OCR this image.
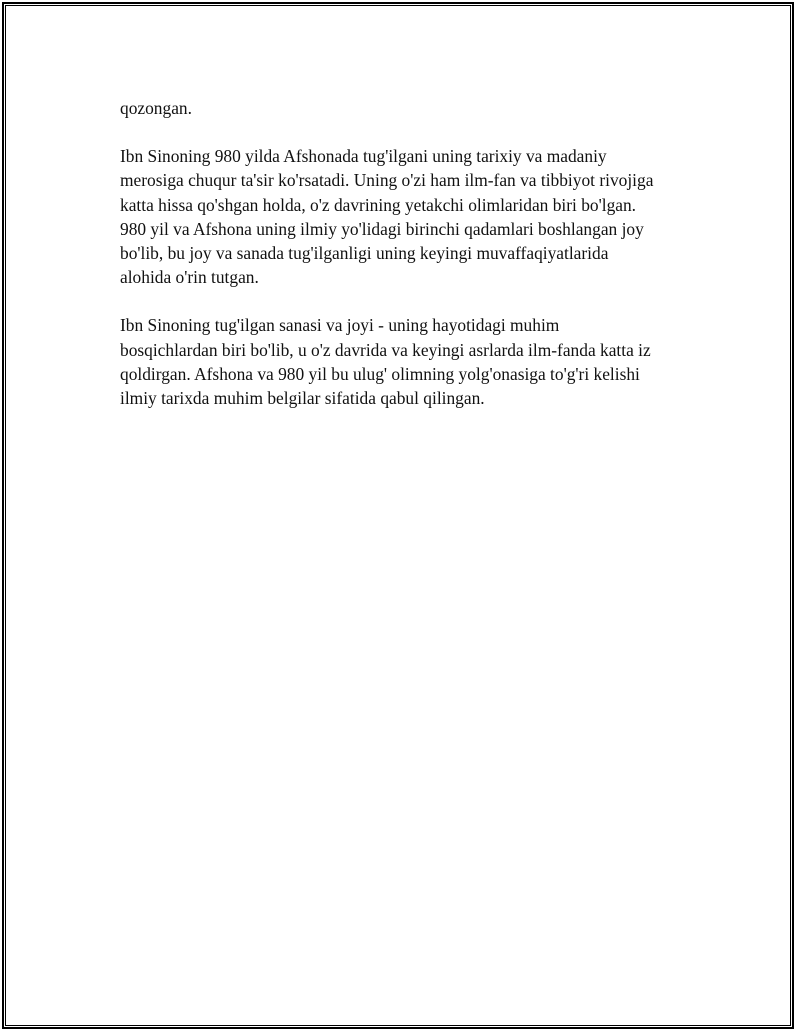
qozongan.

Ibn Sinoning 980 yilda Afshonada tug'ilgani uning tarixiy va madaniy
merosiga chuqur ta'sir ko'rsatadi. Uning o'zi ham ilm-fan va tibbiyot rivojiga
katta hissa qo'shgan holda, o'z davrining yetakchi olimlaridan biri bo'lgan.
980 yil va Afshona uning ilmiy yo'lidagi birinchi qadamlari boshlangan joy
bo'lib, bu joy va sanada tug'ilganligi uning keyingi muvaffaqiyatlarida
alohida o'rin tutgan.

Ibn Sinoning tug'ilgan sanasi va joyi - uning hayotidagi muhim
bosqichlardan biri bo'lib, u o'z davrida va keyingi asrlarda ilm-fanda katta iz
qoldirgan. Afshona va 980 yil bu ulug' olimning yolg'onasiga to'g'ri kelishi
ilmiy tarixda muhim belgilar sifatida qabul qilingan.
